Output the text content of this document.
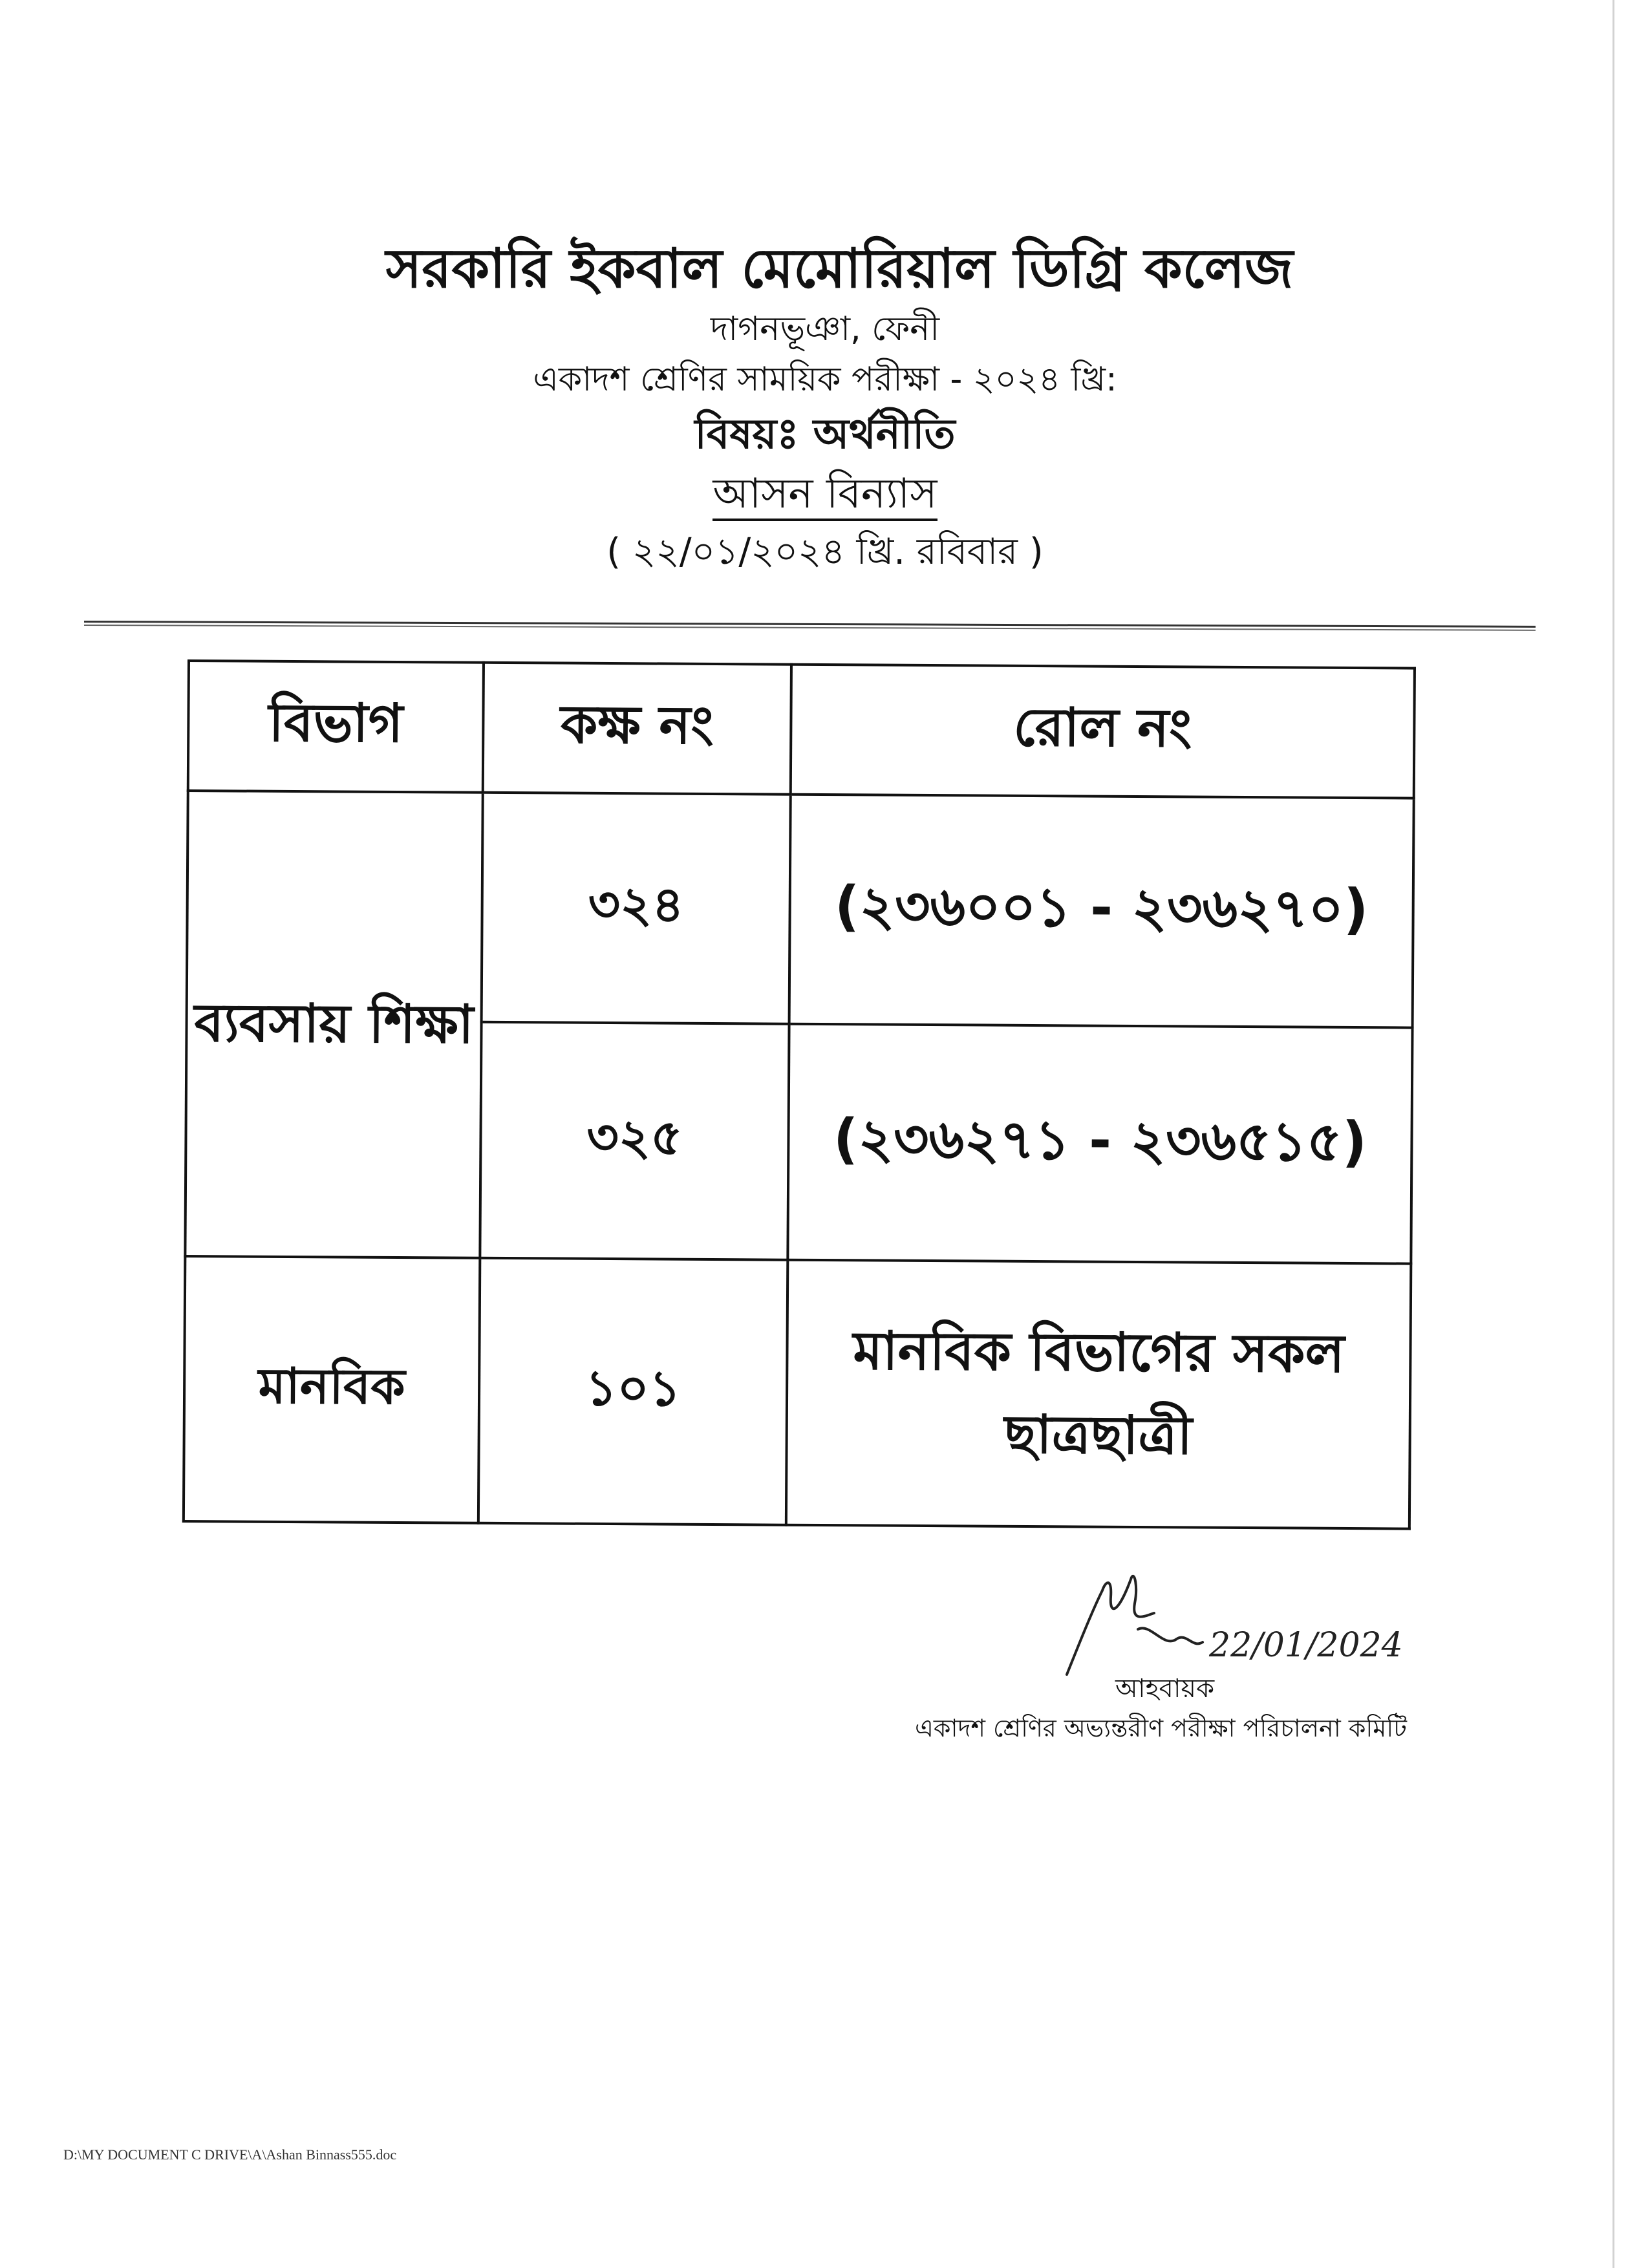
সরকারি ইকবাল মেমোরিয়াল ডিগ্রি কলেজ
দাগনভূঞা, ফেনী
একাদশ শ্রেণির সাময়িক পরীক্ষা - ২০২৪ খ্রি:
বিষয়ঃ অর্থনীতি
আসন বিন্যাস
( ২২/০১/২০২৪ খ্রি. রবিবার )
বিভাগ	কক্ষ নং	রোল নং
ব্যবসায় শিক্ষা	৩২৪	(২৩৬০০১ - ২৩৬২৭০)
	৩২৫	(২৩৬২৭১ - ২৩৬৫১৫)
মানবিক	১০১	মানবিক বিভাগের সকল ছাত্রছাত্রী
22/01/2024
আহবায়ক
একাদশ শ্রেণির অভ্যন্তরীণ পরীক্ষা পরিচালনা কমিটি
D:\MY DOCUMENT C DRIVE\A\Ashan Binnass555.doc
